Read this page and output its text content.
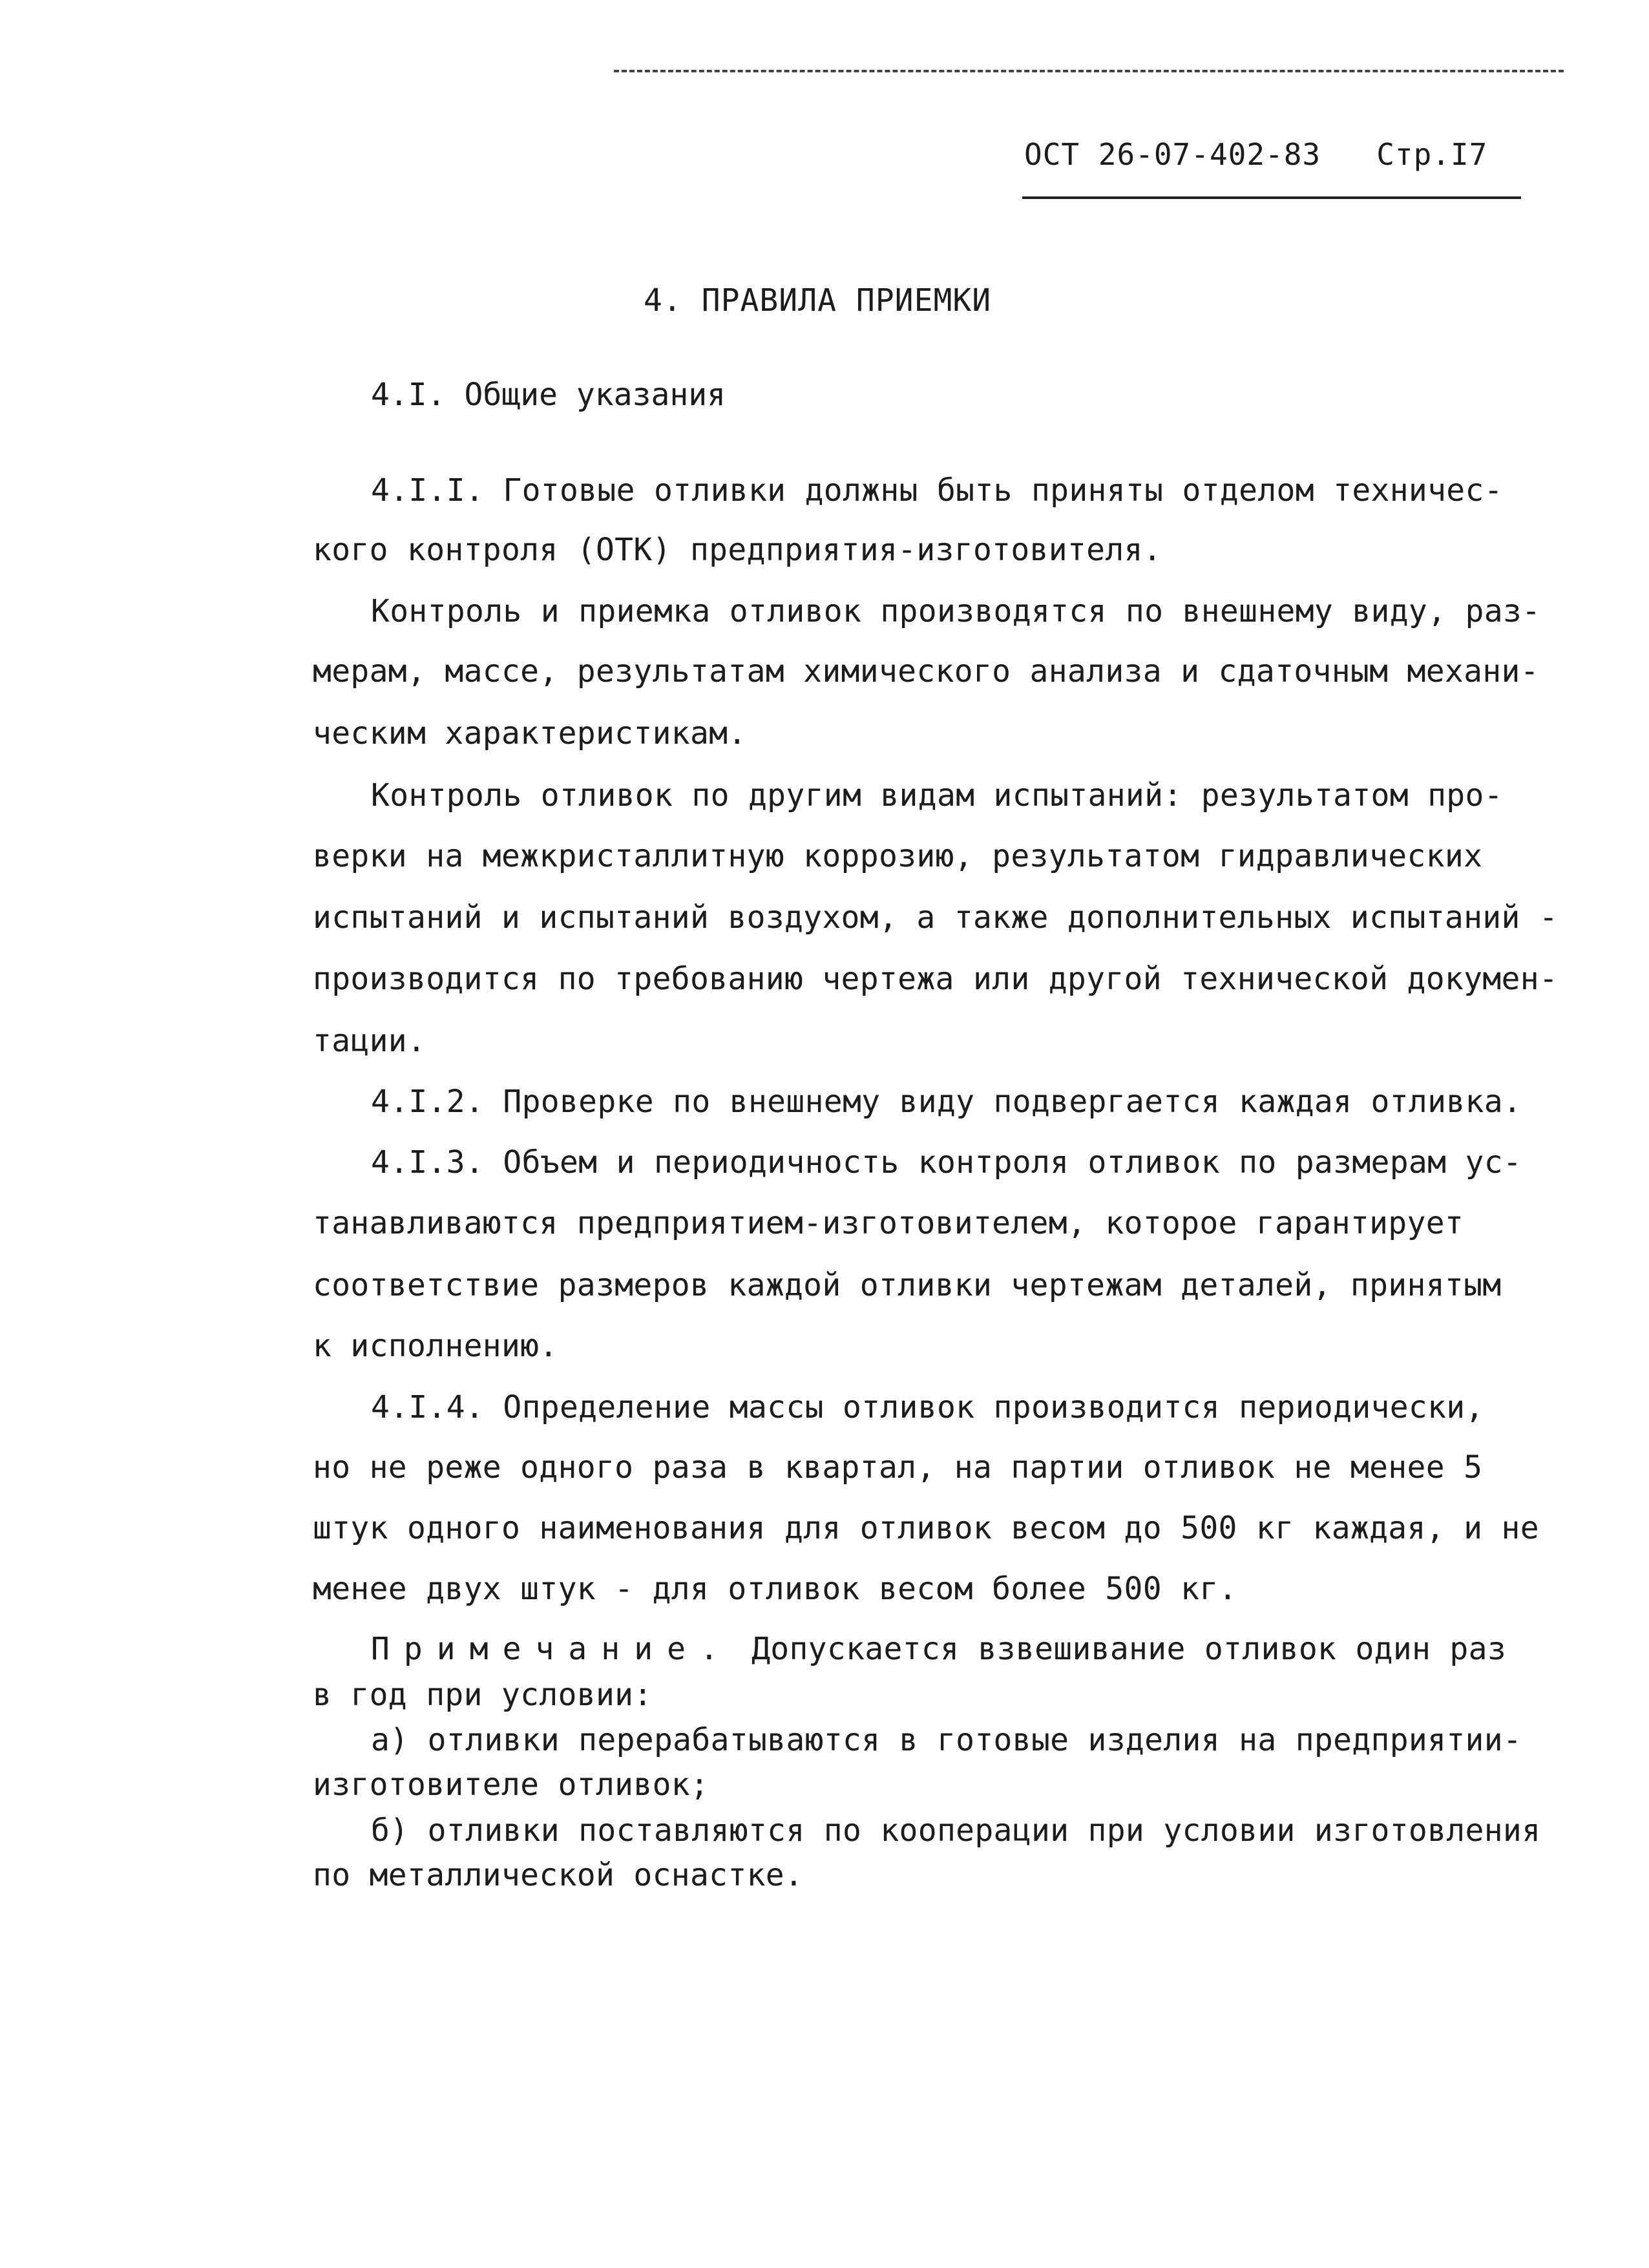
ОСТ 26-07-402-83 Стр.I7
4. ПРАВИЛА ПРИЕМКИ
4.I. Общие указания
4.I.I. Готовые отливки должны быть приняты отделом техничес-
кого контроля (ОТК) предприятия-изготовителя.
Контроль и приемка отливок производятся по внешнему виду, раз-
мерам, массе, результатам химического анализа и сдаточным механи-
ческим характеристикам.
Контроль отливок по другим видам испытаний: результатом про-
верки на межкристаллитную коррозию, результатом гидравлических
испытаний и испытаний воздухом, а также дополнительных испытаний -
производится по требованию чертежа или другой технической докумен-
тации.
4.I.2. Проверке по внешнему виду подвергается каждая отливка.
4.I.3. Объем и периодичность контроля отливок по размерам ус-
танавливаются предприятием-изготовителем, которое гарантирует
соответствие размеров каждой отливки чертежам деталей, принятым
к исполнению.
4.I.4. Определение массы отливок производится периодически,
но не реже одного раза в квартал, на партии отливок не менее 5
штук одного наименования для отливок весом до 500 кг каждая, и не
менее двух штук - для отливок весом более 500 кг.
Примечание. Допускается взвешивание отливок один раз
в год при условии:
а) отливки перерабатываются в готовые изделия на предприятии-
изготовителе отливок;
б) отливки поставляются по кооперации при условии изготовления
по металлической оснастке.
